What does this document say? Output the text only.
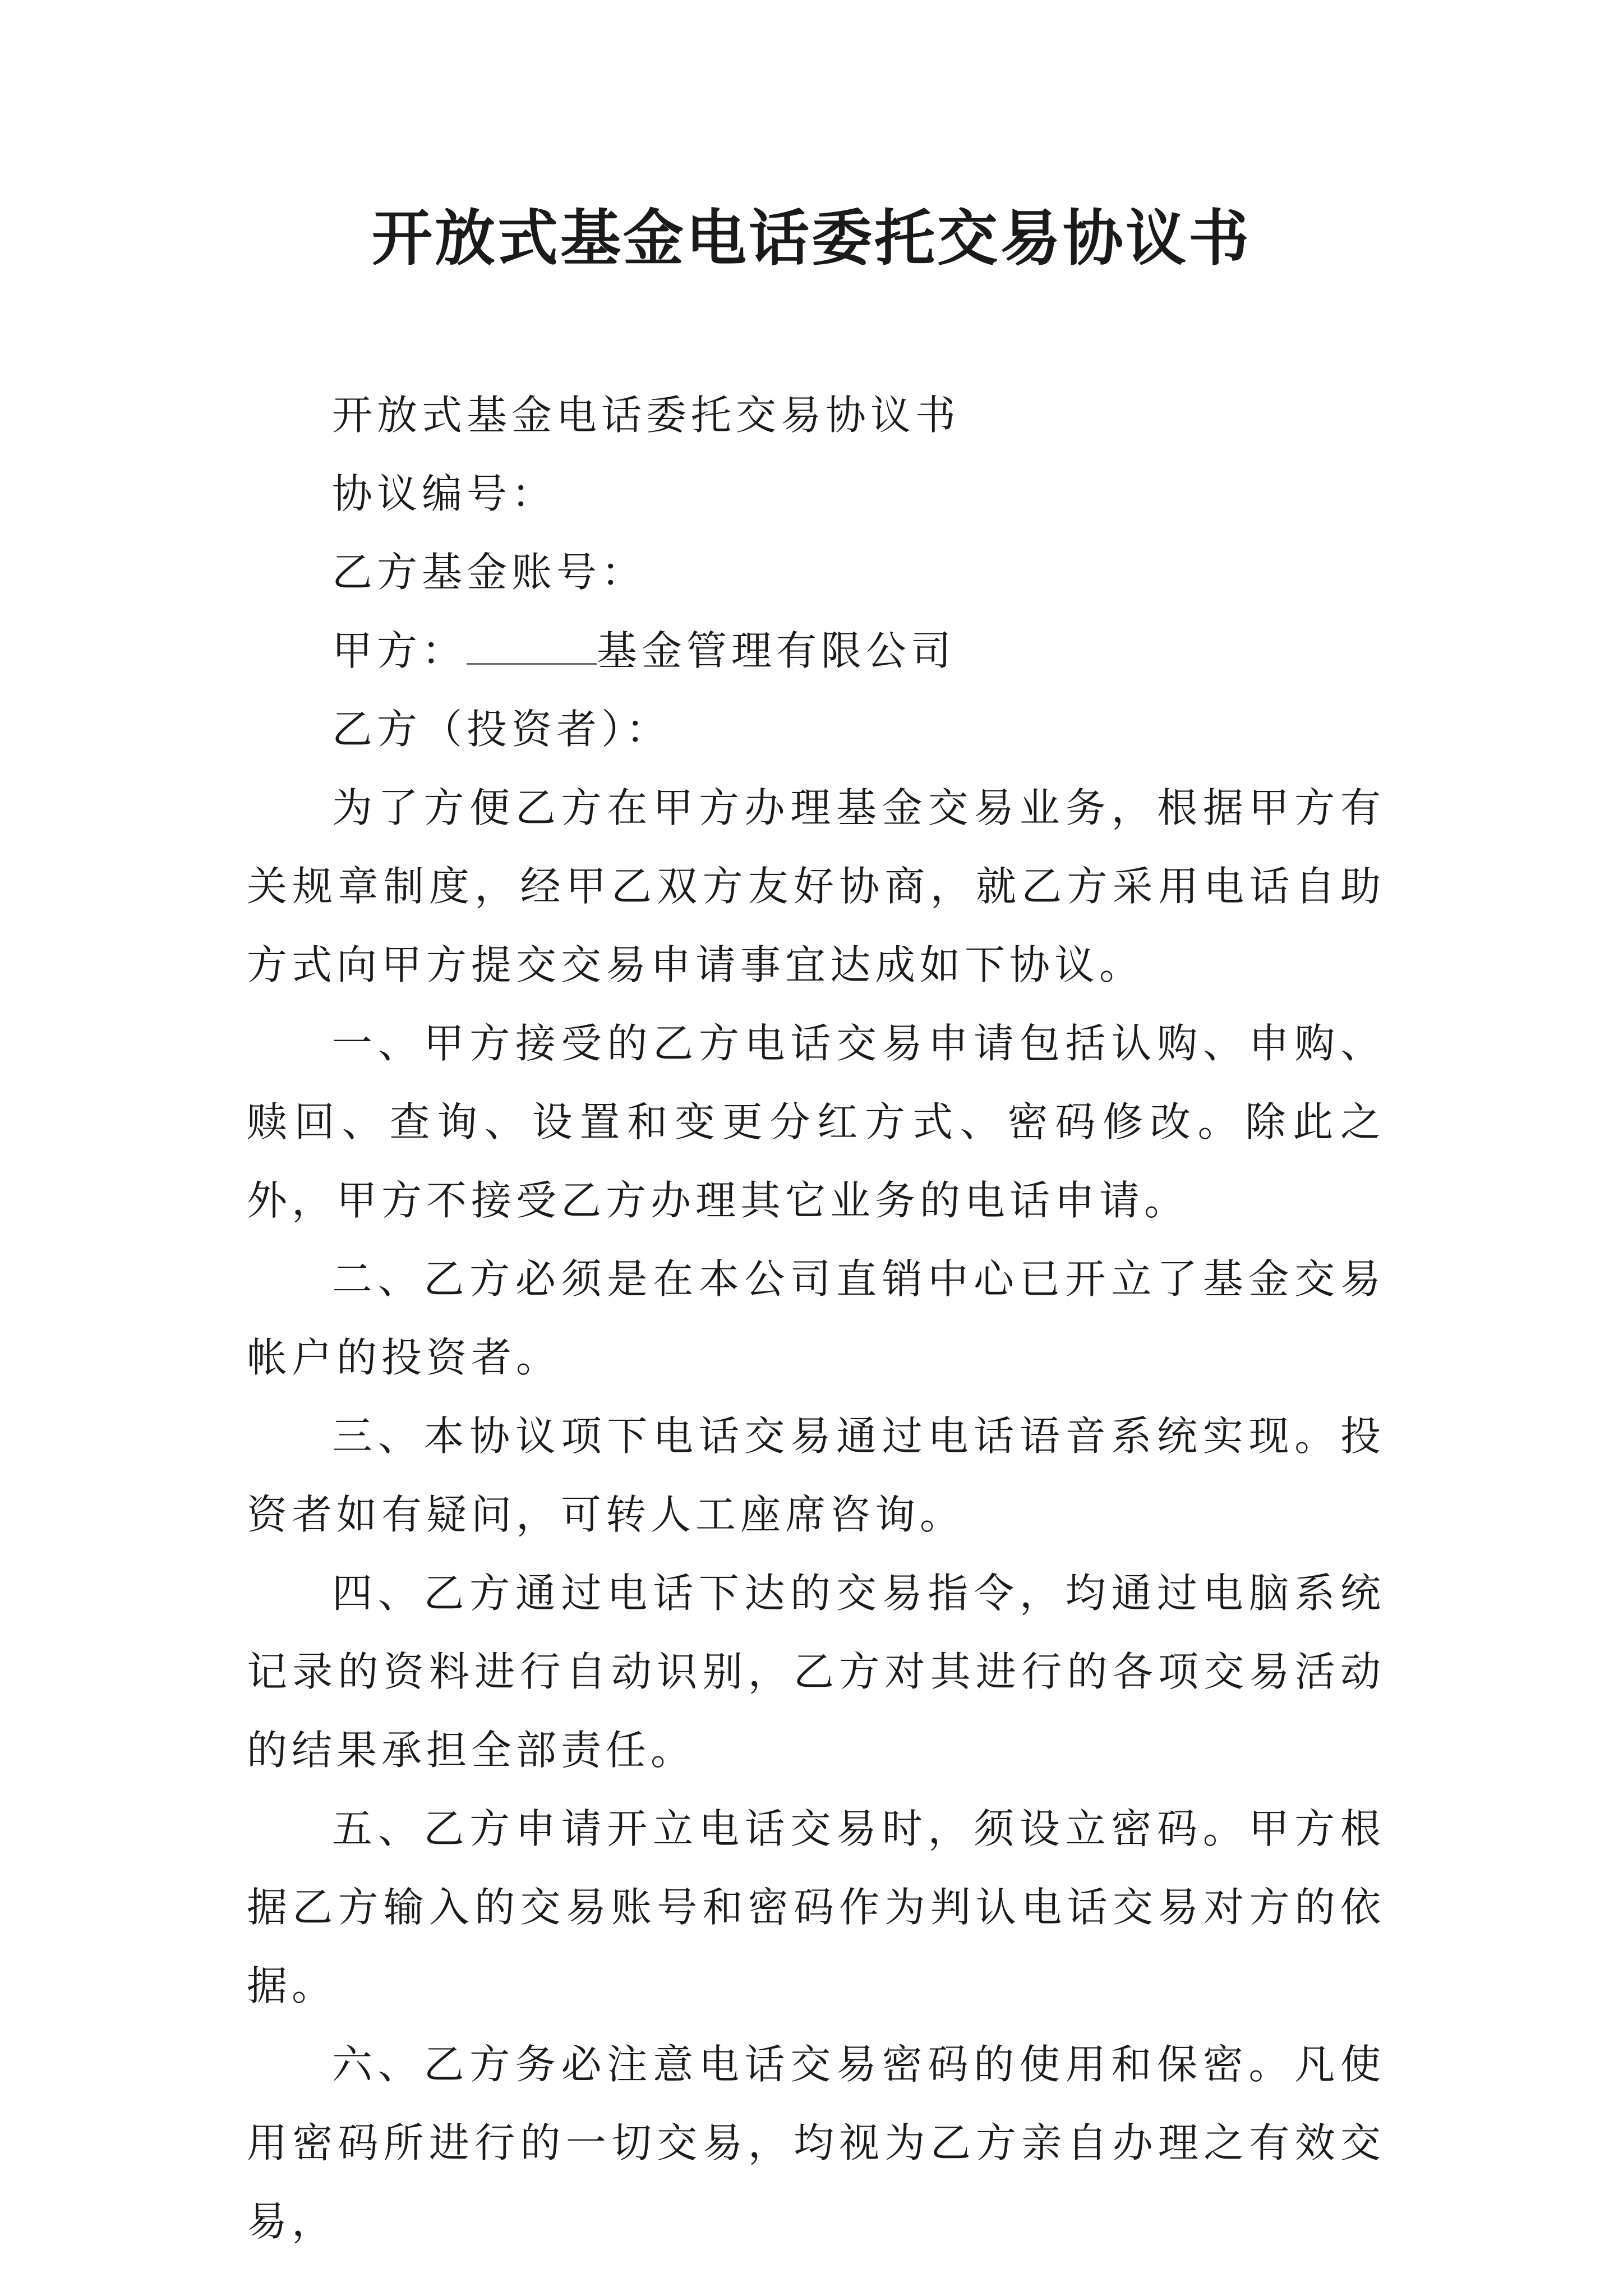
开放式基金电话委托交易协议书

开放式基金电话委托交易协议书

协议编号：

乙方基金账号：

甲方：	基金管理有限公司

乙方（投资者）：

为了方便乙方在甲方办理基金交易业务，根据甲方有关规章制度，经甲乙双方友好协商，就乙方采用电话自助方式向甲方提交交易申请事宜达成如下协议。

一、甲方接受的乙方电话交易申请包括认购、申购、赎回、查询、设置和变更分红方式、密码修改。除此之外，甲方不接受乙方办理其它业务的电话申请。

二、乙方必须是在本公司直销中心已开立了基金交易帐户的投资者。

三、本协议项下电话交易通过电话语音系统实现。投资者如有疑问，可转人工座席咨询。

四、乙方通过电话下达的交易指令，均通过电脑系统记录的资料进行自动识别，乙方对其进行的各项交易活动的结果承担全部责任。

五、乙方申请开立电话交易时，须设立密码。甲方根据乙方输入的交易账号和密码作为判认电话交易对方的依据。

六、乙方务必注意电话交易密码的使用和保密。凡使用密码所进行的一切交易，均视为乙方亲自办理之有效交易，
